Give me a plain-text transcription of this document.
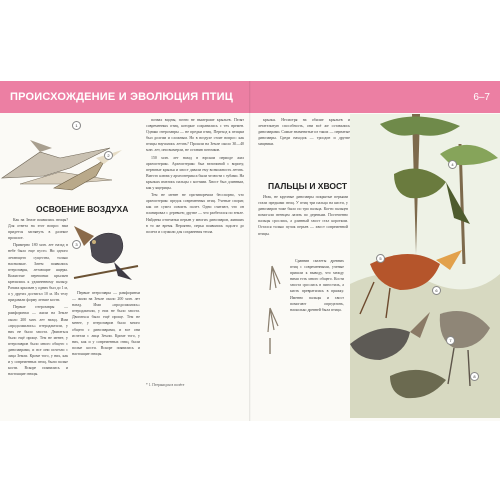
ПРОИСХОЖДЕНИЕ И ЭВОЛЮЦИЯ ПТИЦ	6–7
1
2
ОСВОЕНИЕ ВОЗДУХА

Как на Земле появились птицы? Для ответа на этот вопрос нам придется заглянуть в далекое прошлое.

Примерно 180 млн. лет назад в небе было еще пусто. Ни одного летающего существа, только насекомые. Затем появились птерозавры, летающие ящеры. Кожистые перепонки крыльев крепились к удлиненному пальцу. Размах крыльев у одних был до 1 м, а у других достигал 10 м. Их телу придавали форму легкие кости.

Первые птерозавры — рамфоринхи — жили на Земле около 200 млн. лет назад. Ими «продолжились» птеродактили, у них не было хвоста. Двигаться было ещё проще. Тем не менее, у птерозавров было много общего с динозаврами, и все они исчезли с лица Земли. Кроме того, у них, как и у современных птиц, были полые кости. Вскоре появились и настоящие птицы.

3

Первые птерозавры — рамфоринхи — жили на Земле около 200 млн. лет назад. Ими «продолжились» птеродактили, у них не было хвоста. Двигаться было ещё проще. Тем не менее, у птерозавров было много общего с динозаврами, и все они исчезли с лица Земли. Кроме того, у них, как и у современных птиц, были полые кости. Вскоре появились и настоящие птицы.

почвах видны, почти не вымершие крыльев. Пелят современных птиц, которые сохранились с тех времен. Однако птерозавры — не предки птиц. Переход к птицам был долгим и сложным. Но в воздухе стоит вопрос: как птицы научились летать? Прошли на Земле около 30—40 млн. лет, они вымерли, не оставив потомков.

150 млн. лет назад в юрском периоде жил археоптерикс. Археоптерикс был величиной с ворону, пернатые крылья и хвост давали ему возможность летать. Вместо клюва у археоптерикса были челюсти с зубами. На крыльях имелись пальцы с когтями. Хвост был длинным, как у ящерицы.

Тем не менее не противоречим бесспорно, что археоптерикс предок современных птиц. Ученые спорят, как он сумел освоить полет. Одни считают, что он планировал с деревьев; другие — что разбегался по земле. Найдены отпечатки перьев у многих динозавров, живших в то же время. Вероятно, перья появились задолго до полета и служили для сохранения тепла.

* 1. Птеранодон в полёте

крылья. Несмотря на обилие крыльев и летательную способность, они всё же оставались динозаврами. Самые знаменитые из таких — пернатые динозавры. Среди находок — троодон и другие хищники.

ПАЛЬЦЫ И ХВОСТ

Итак, не крупные динозавры покрытые перьями стали предками птиц. У птиц три пальца на кисти, у динозавров тоже было по три пальца. Когти пальцев помогали птенцам лазать по деревьям. Постепенно пальцы срослись, а длинный хвост стал коротким. Остался только пучок перьев — хвост современной птицы.

Сравнив скелеты древних птиц с современными, ученые пришли к выводу, что между ними есть много общего. Кости хвоста срослись в пигостиль, а кисть превратилась в пряжку. Именно пальцы и хвост помогают определить, насколько древней была птица.

4
5
6
7
8
